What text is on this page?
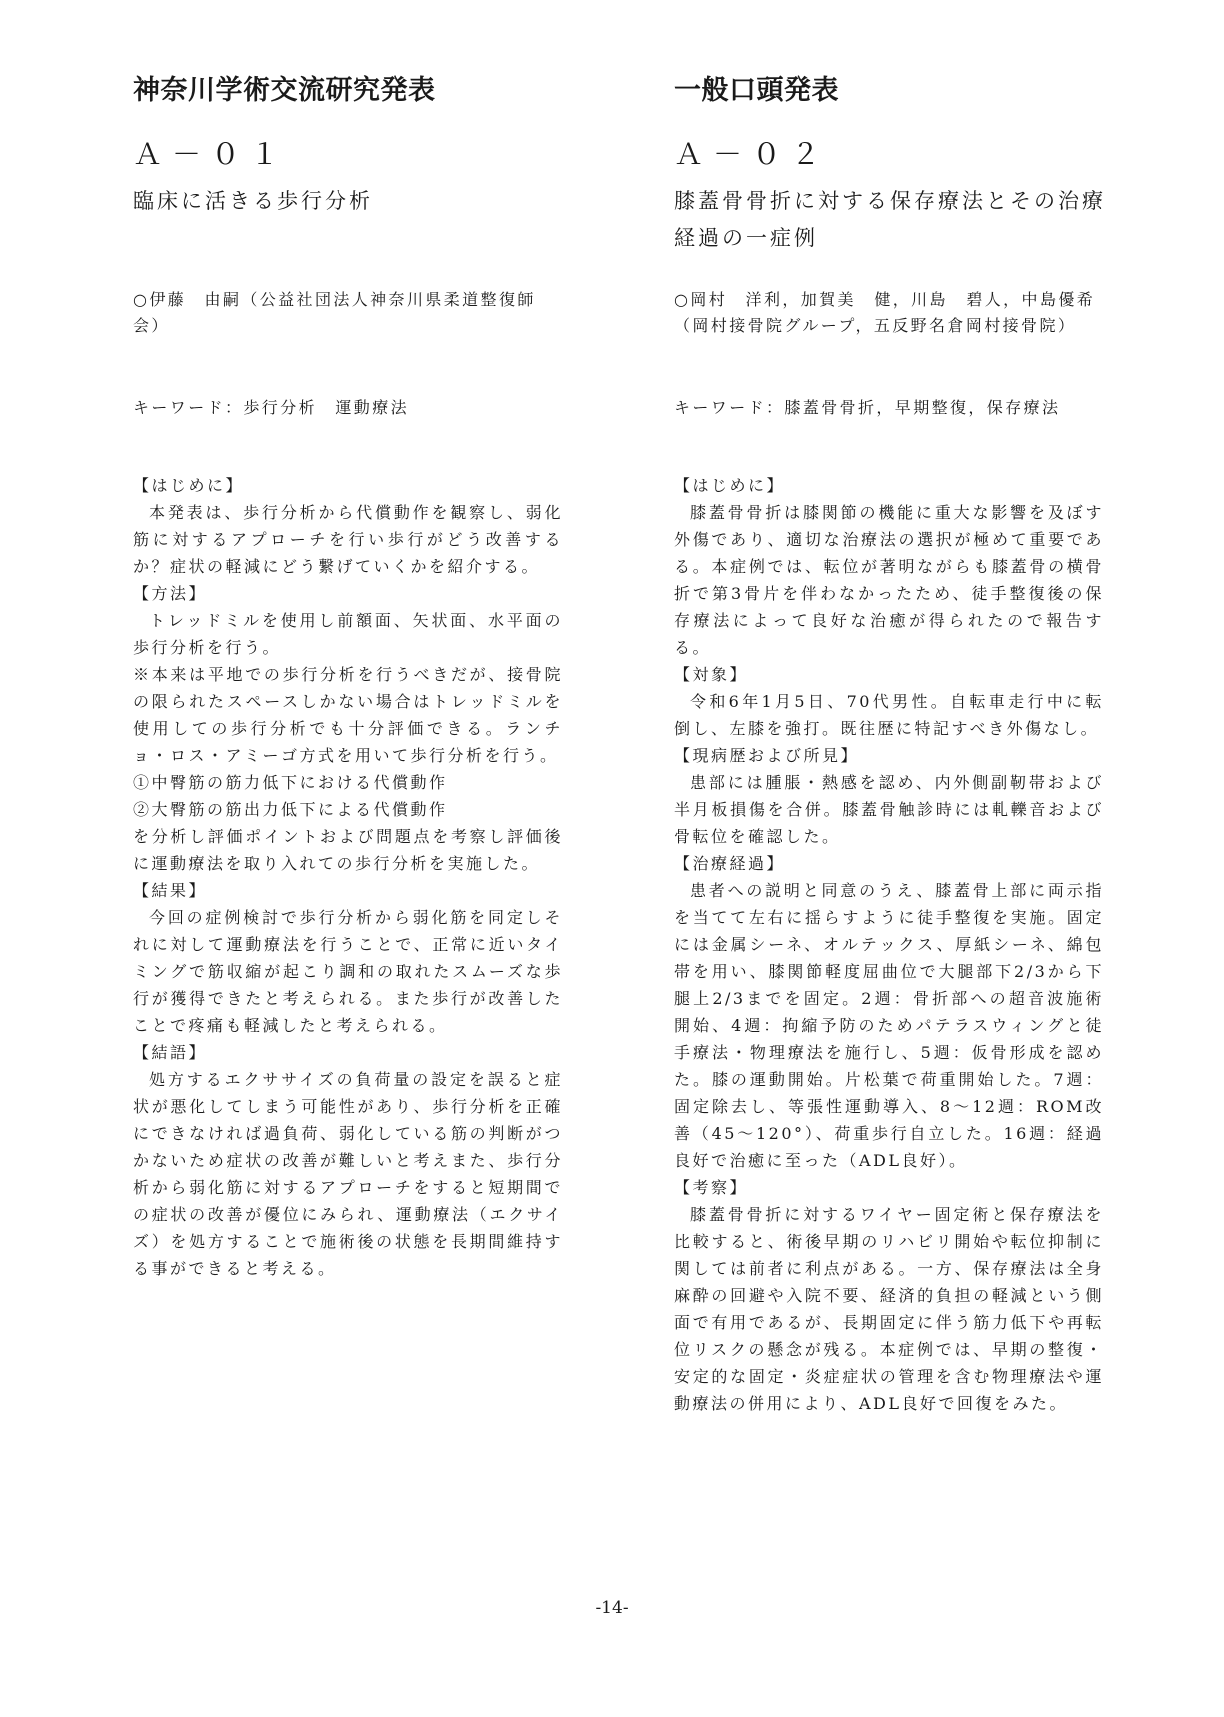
神奈川学術交流研究発表
Ａ－０１
臨床に活きる歩行分析
○伊藤　由嗣（公益社団法人神奈川県柔道整復師会）
キーワード：歩行分析　運動療法
【はじめに】
本発表は、歩行分析から代償動作を観察し、弱化筋に対するアプローチを行い歩行がどう改善するか？症状の軽減にどう繋げていくかを紹介する。
【方法】
トレッドミルを使用し前額面、矢状面、水平面の歩行分析を行う。
※本来は平地での歩行分析を行うべきだが、接骨院の限られたスペースしかない場合はトレッドミルを使用しての歩行分析でも十分評価できる。ランチョ・ロス・アミーゴ方式を用いて歩行分析を行う。
①中臀筋の筋力低下における代償動作
②大臀筋の筋出力低下による代償動作
を分析し評価ポイントおよび問題点を考察し評価後に運動療法を取り入れての歩行分析を実施した。
【結果】
今回の症例検討で歩行分析から弱化筋を同定しそれに対して運動療法を行うことで、正常に近いタイミングで筋収縮が起こり調和の取れたスムーズな歩行が獲得できたと考えられる。また歩行が改善したことで疼痛も軽減したと考えられる。
【結語】
処方するエクササイズの負荷量の設定を誤ると症状が悪化してしまう可能性があり、歩行分析を正確にできなければ過負荷、弱化している筋の判断がつかないため症状の改善が難しいと考えまた、歩行分析から弱化筋に対するアプローチをすると短期間での症状の改善が優位にみられ、運動療法（エクサイズ）を処方することで施術後の状態を長期間維持する事ができると考える。
一般口頭発表
Ａ－０２
膝蓋骨骨折に対する保存療法とその治療経過の一症例
○岡村　洋利，加賀美　健，川島　碧人，中島優希（岡村接骨院グループ，五反野名倉岡村接骨院）
キーワード：膝蓋骨骨折，早期整復，保存療法
【はじめに】
膝蓋骨骨折は膝関節の機能に重大な影響を及ぼす外傷であり、適切な治療法の選択が極めて重要である。本症例では、転位が著明ながらも膝蓋骨の横骨折で第3骨片を伴わなかったため、徒手整復後の保存療法によって良好な治癒が得られたので報告する。
【対象】
令和6年1月5日、70代男性。自転車走行中に転倒し、左膝を強打。既往歴に特記すべき外傷なし。
【現病歴および所見】
患部には腫脹・熱感を認め、内外側副靭帯および半月板損傷を合併。膝蓋骨触診時には軋轢音および骨転位を確認した。
【治療経過】
患者への説明と同意のうえ、膝蓋骨上部に両示指を当てて左右に揺らすように徒手整復を実施。固定には金属シーネ、オルテックス、厚紙シーネ、綿包帯を用い、膝関節軽度屈曲位で大腿部下2/3から下腿上2/3までを固定。2週：骨折部への超音波施術開始、4週：拘縮予防のためパテラスウィングと徒手療法・物理療法を施行し、5週：仮骨形成を認めた。膝の運動開始。片松葉で荷重開始した。7週：固定除去し、等張性運動導入、8〜12週：ROM改善（45〜120°）、荷重歩行自立した。16週：経過良好で治癒に至った（ADL良好）。
【考察】
膝蓋骨骨折に対するワイヤー固定術と保存療法を比較すると、術後早期のリハビリ開始や転位抑制に関しては前者に利点がある。一方、保存療法は全身麻酔の回避や入院不要、経済的負担の軽減という側面で有用であるが、長期固定に伴う筋力低下や再転位リスクの懸念が残る。本症例では、早期の整復・安定的な固定・炎症症状の管理を含む物理療法や運動療法の併用により、ADL良好で回復をみた。
-14-
